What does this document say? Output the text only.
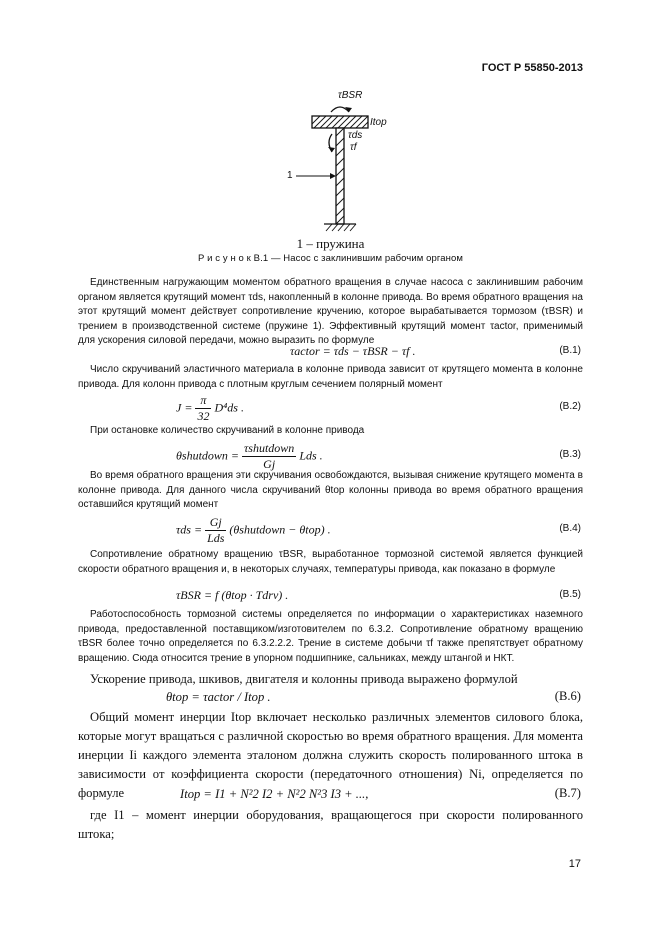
ГОСТ Р 55850-2013
τBSR
Itop
τds
τf
1
1 – пружина
Р и с у н о к В.1 — Насос с заклинившим рабочим органом
Единственным нагружающим моментом обратного вращения в случае насоса с заклинившим рабочим органом является крутящий момент τds, накопленный в колонне привода. Во время обратного вращения на этот крутящий момент действует сопротивление кручению, которое вырабатывается тормозом (τBSR) и трением в производственной системе (пружине 1). Эффективный крутящий момент τactor, применимый для ускорения силовой передачи, можно выразить по формуле
τactor = τds − τBSR − τf .	(B.1)
Число скручиваний эластичного материала в колонне привода зависит от крутящего момента в колонне привода. Для колонн привода с плотным круглым сечением полярный момент
$J = \frac{\pi}{32} D^4ds$ .	(B.2)
При остановке количество скручиваний в колонне привода
θshutdown = $\frac{\text{τshutdown}}{Gj}$ Lds .	(B.3)
Во время обратного вращения эти скручивания освобождаются, вызывая снижение крутящего момента в колонне привода. Для данного числа скручиваний θtop колонны привода во время обратного вращения оставшийся крутящий момент
$\tau ds = \frac{Gj}{\text{Lds}}$ (θshutdown − θtop) .	(B.4)
Сопротивление обратному вращению τBSR, выработанное тормозной системой является функцией скорости обратного вращения и, в некоторых случаях, температуры привода, как показано в формуле
τBSR = f (θtop · Tdrv) .	(B.5)
Работоспособность тормозной системы определяется по информации о характеристиках наземного привода, предоставленной поставщиком/изготовителем по 6.3.2. Сопротивление обратному вращению τBSR более точно определяется по 6.3.2.2.2. Трение в системе добычи τf также препятствует обратному вращению. Сюда относится трение в упорном подшипнике, сальниках, между штангой и НКТ.
Ускорение привода, шкивов, двигателя и колонны привода выражено формулой
θtop = τactor / Itop .	(B.6)
Общий момент инерции Itop включает несколько различных элементов силового блока, которые могут вращаться с различной скоростью во время обратного вращения. Для момента инерции Ii каждого элемента эталоном должна служить скорость полированного штока в зависимости от коэффициента скорости (передаточного отношения) Ni, определяется по формуле	Itop = I1 + N²2 I2 + N²2 N²3 I3 + ...,	(B.7)
где I1 – момент инерции оборудования, вращающегося при скорости полированного штока;
17
